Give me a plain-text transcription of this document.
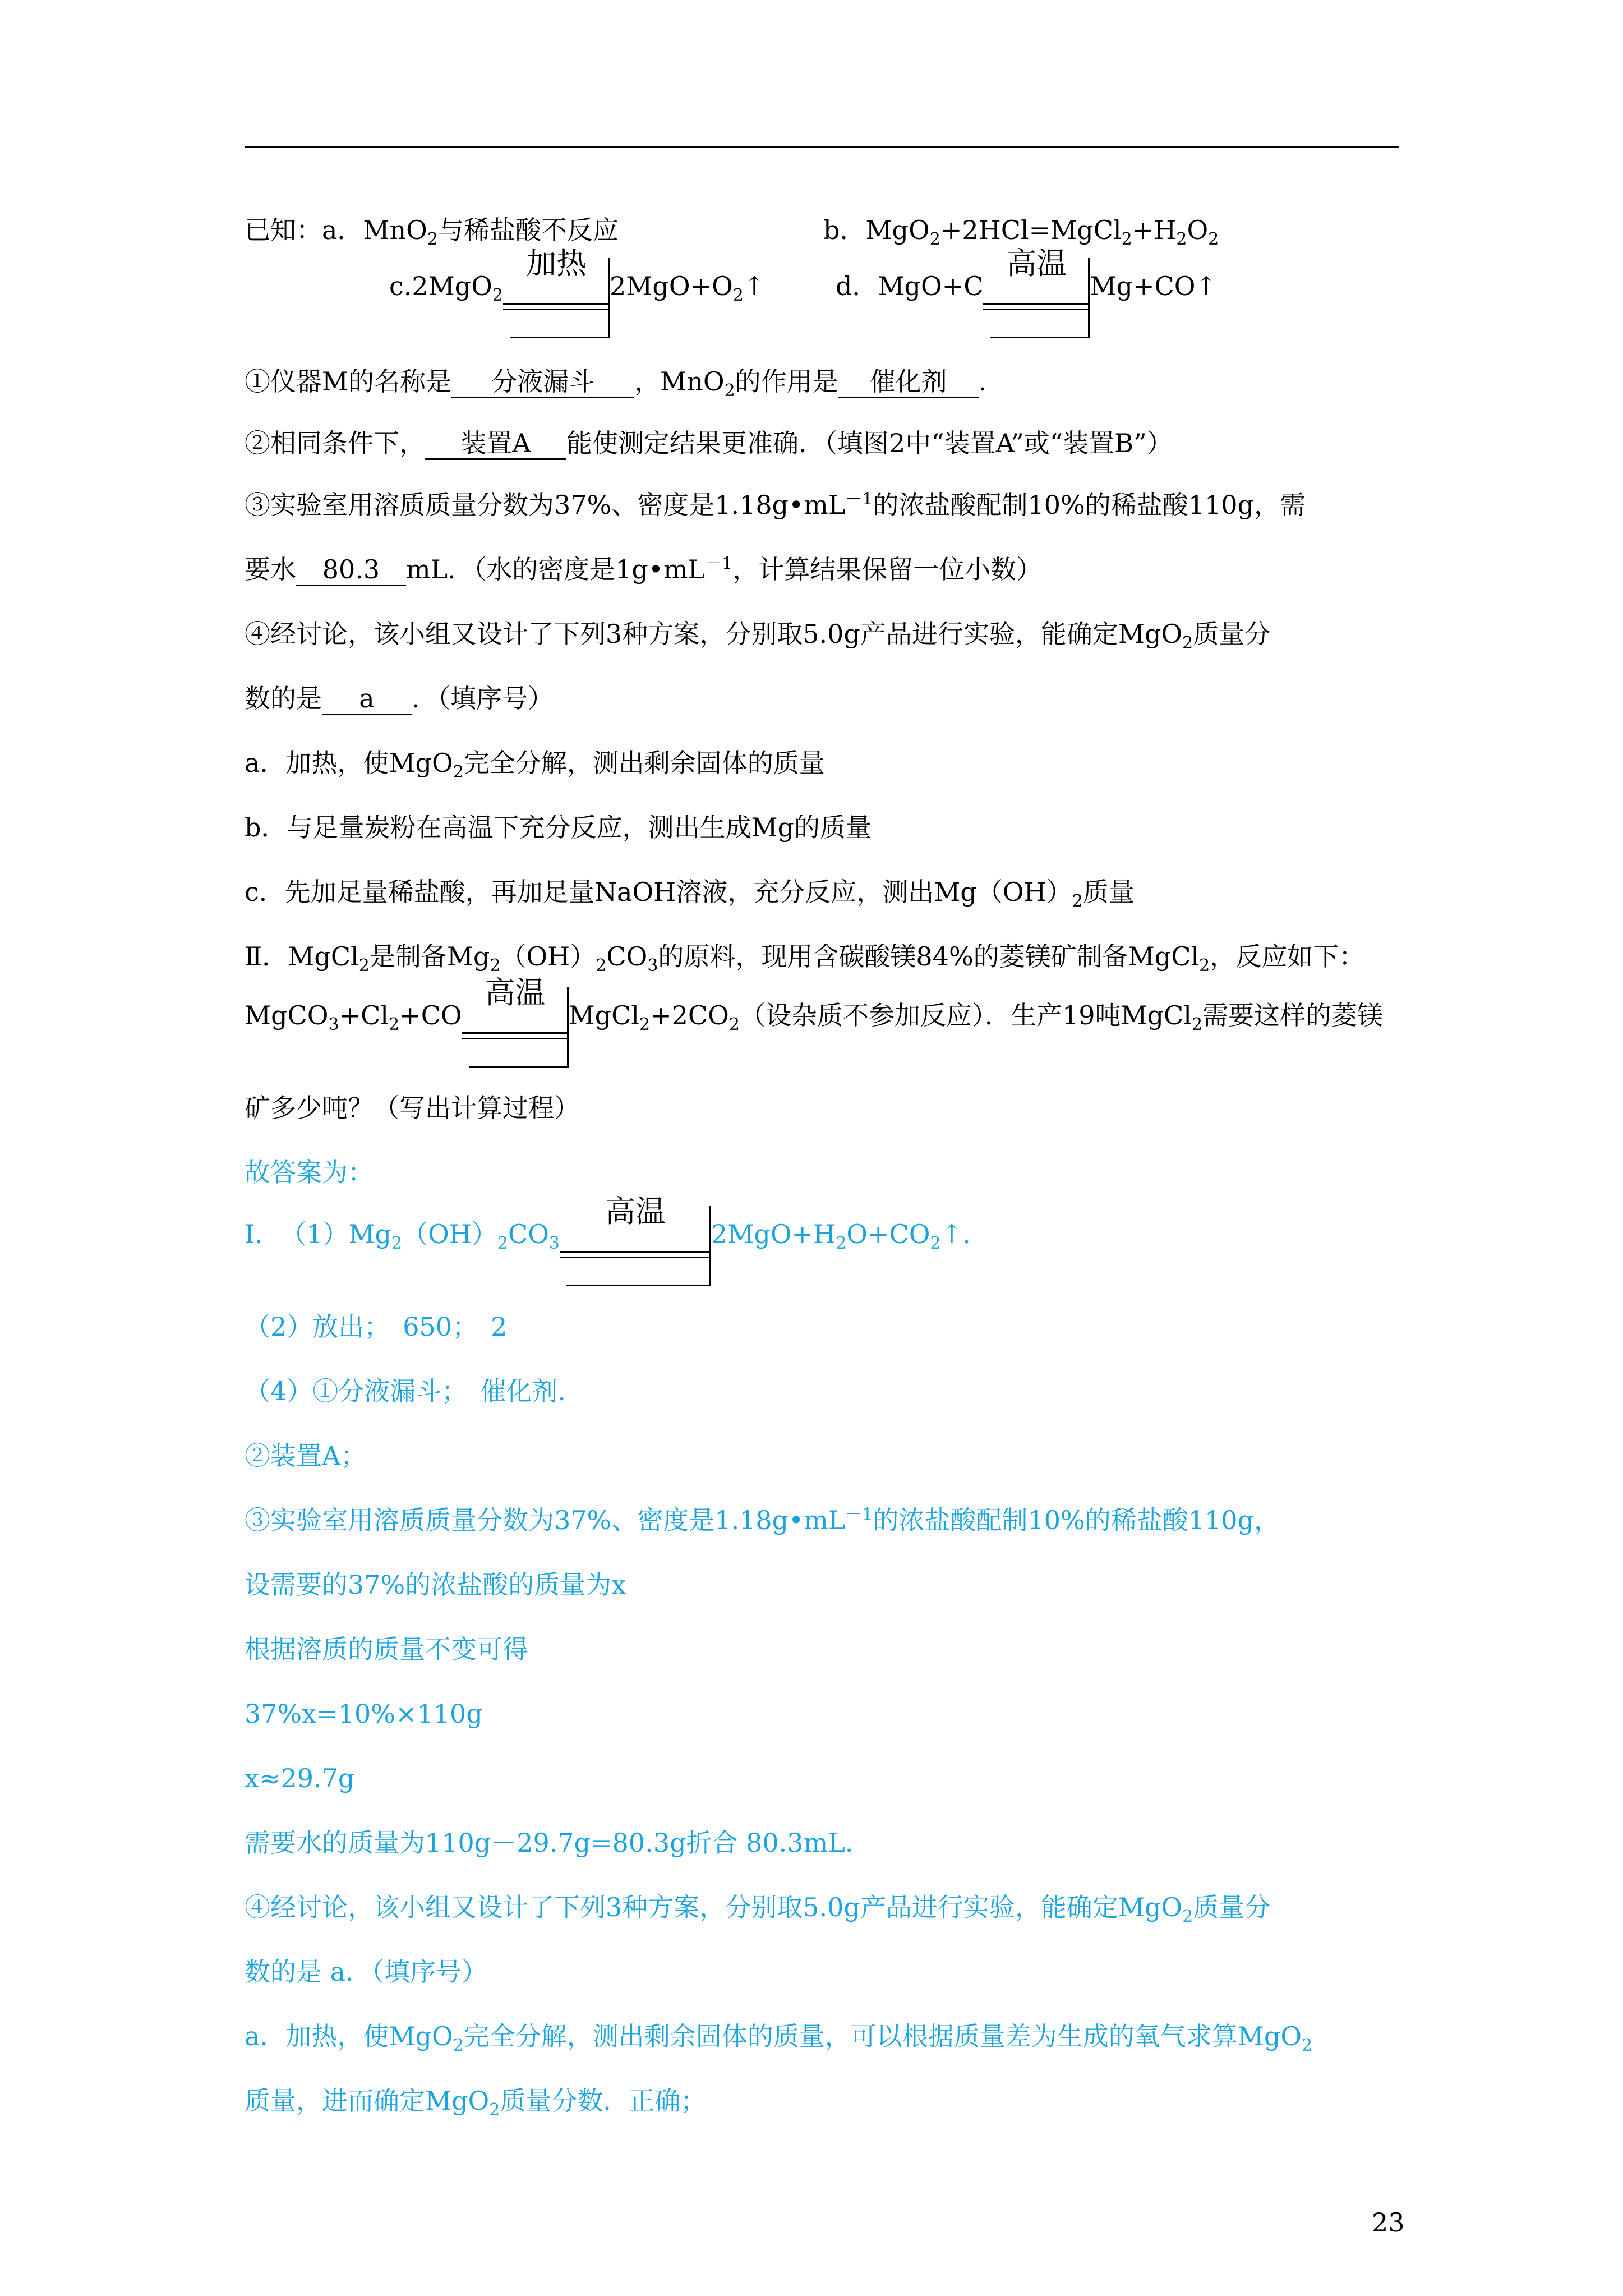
已知：a．MnO$_2$与稀盐酸不反应	b．$MgO_2+2HCl=MgCl_2+H_2O_2$
c.2MgO$_2$
加热
$2MgO+O_2↑$	d．MgO+C
高温
Mg+CO↑
①仪器M的名称是 分液漏斗 ，MnO$_2$的作用是 催化剂 .
②相同条件下， 装置A 能使测定结果更准确．（填图2中“装置A”或“装置B”）
③实验室用溶质质量分数为37%、密度是$1.18g•mL^{-1}$的浓盐酸配制10%的稀盐酸110g，需
要水 80.3 mL．（水的密度是$1g•mL^{-1}$，计算结果保留一位小数）
④经讨论，该小组又设计了下列3种方案，分别取5.0g产品进行实验，能确定MgO$_2$质量分
数的是 a ．（填序号）
a．加热，使MgO$_2$完全分解，测出剩余固体的质量
b．与足量炭粉在高温下充分反应，测出生成Mg的质量
c．先加足量稀盐酸，再加足量NaOH溶液，充分反应，测出$Mg(OH)_2$质量
Ⅱ．MgCl$_2$是制备$Mg_2(OH)_2CO_3$的原料，现用含碳酸镁84%的菱镁矿制备MgCl$_2$，反应如下：
$MgCO_3+Cl_2+CO$
高温
$MgCl_2+2CO_2$（设杂质不参加反应）．生产19吨MgCl$_2$需要这样的菱镁
矿多少吨？（写出计算过程）
故答案为：
Ⅰ．　$(1)Mg_2(OH)_2CO_3$
高温
$2MgO+H_2O+CO_2↑$.
（2）放出；　650；　2
（4）①分液漏斗；　催化剂.
②装置A；
③实验室用溶质质量分数为37%、密度是$1.18g•mL^{-1}$的浓盐酸配制10%的稀盐酸110g，
设需要的37%的浓盐酸的质量为x
根据溶质的质量不变可得
37%x=10%×110g
x≈29.7g
需要水的质量为110g－29.7g=80.3g折合 80.3mL.
④经讨论，该小组又设计了下列3种方案，分别取5.0g产品进行实验，能确定MgO$_2$质量分
数的是 a．（填序号）
a．加热，使MgO$_2$完全分解，测出剩余固体的质量，可以根据质量差为生成的氧气求算MgO$_2$
质量，进而确定MgO$_2$质量分数．正确；
23
